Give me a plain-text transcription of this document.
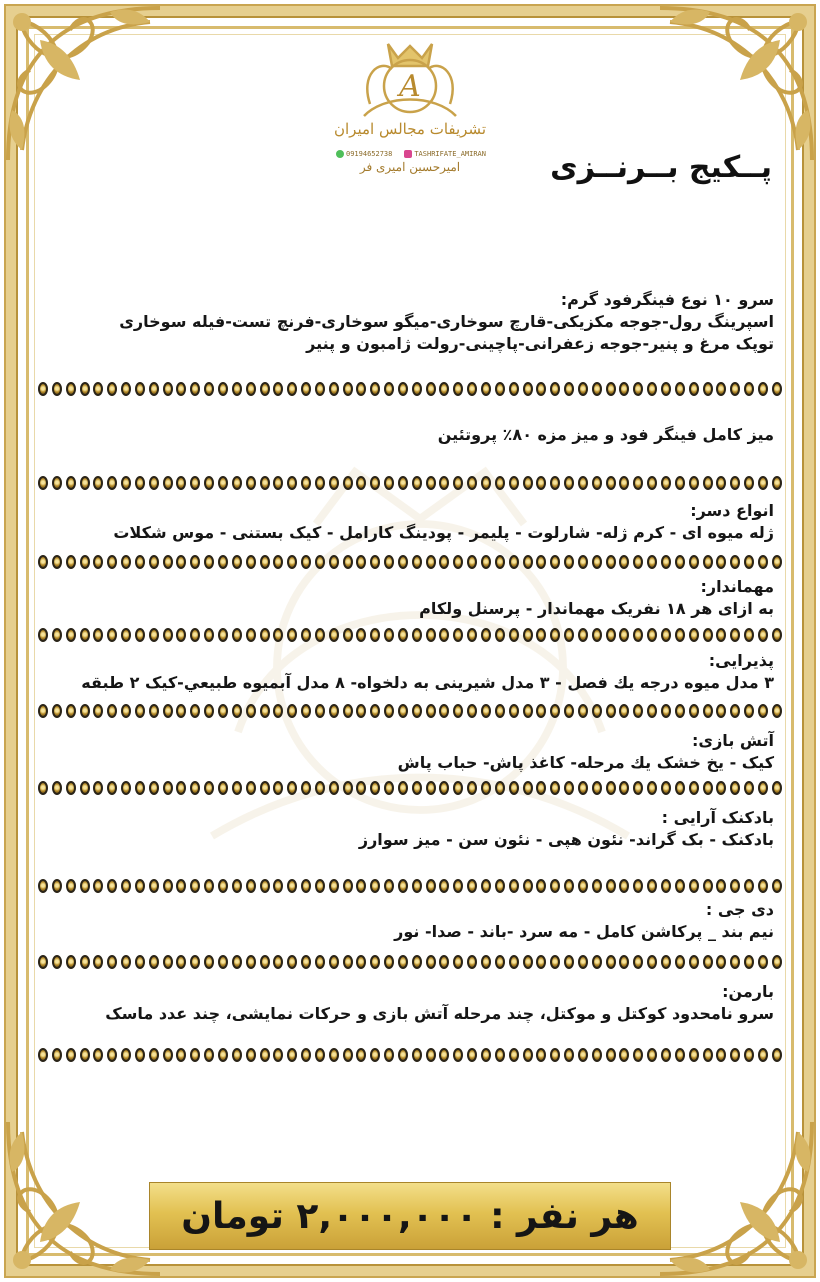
A
تشریفات مجالس امیران
09194652738	TASHRIFATE_AMIRAN
امیرحسین امیری فر	پــکیج بــرنــزی
سرو ۱۰ نوع فینگرفود گرم:
اسپرینگ رول-جوجه مکزیکی-قارچ سوخاری-میگو سوخاری-فرنچ تست-فیله سوخاری
توپک مرغ و پنیر-جوجه زعفرانی-پاچینی-رولت ژامبون و پنیر
میز کامل فینگر فود و میز مزه ۸۰٪ پروتئین
انواع دسر:
ژله میوه ای - کرم ژله- شارلوت - پلیمر - پودینگ کارامل - کیک بستنی - موس شکلات
مهماندار:
به ازای هر ۱۸ نفریک مهماندار - پرسنل ولکام
پذیرایی:
۳ مدل میوه درجه یك فصل - ۳ مدل شیرینی به دلخواه- ۸ مدل آبمیوه طبیعي-کیک ۲ طبقه
آتش بازی:
کیک - یخ خشک یك مرحله- کاغذ پاش- حباب پاش
بادکنک آرایی :
بادکنک - بک گراند- نئون هپی - نئون سن - میز سوارز
دی جی :
نیم بند _ پرکاشن کامل - مه سرد -باند - صدا- نور
بارمن:
سرو نامحدود کوکتل و موکتل، چند مرحله آتش بازی و حرکات نمایشی، چند عدد ماسک
هر نفر : ۲,۰۰۰,۰۰۰ تومان
